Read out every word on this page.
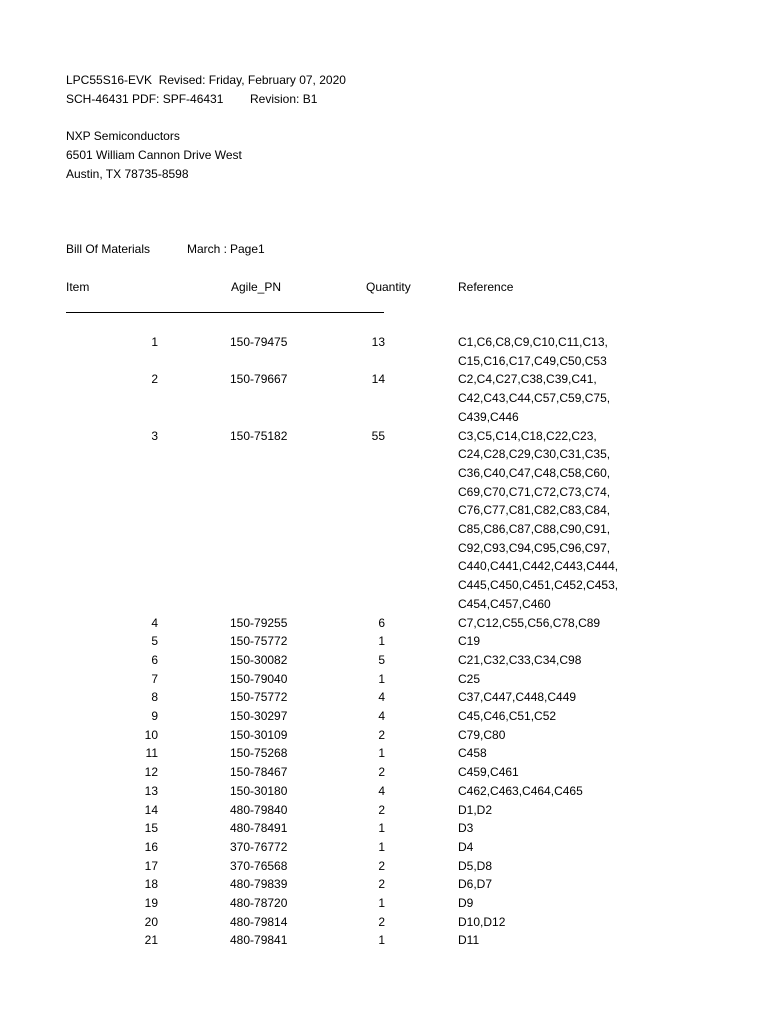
LPC55S16-EVK  Revised: Friday, February 07, 2020
SCH-46431 PDF: SPF-46431 Revision: B1
NXP Semiconductors
6501 William Cannon Drive West
Austin, TX 78735-8598
Bill Of Materials	March : Page1
Item	Agile_PN	Quantity	Reference
1	150-79475	13	C1,C6,C8,C9,C10,C11,C13,
C15,C16,C17,C49,C50,C53
2	150-79667	14	C2,C4,C27,C38,C39,C41,
C42,C43,C44,C57,C59,C75,
C439,C446
3	150-75182	55	C3,C5,C14,C18,C22,C23,
C24,C28,C29,C30,C31,C35,
C36,C40,C47,C48,C58,C60,
C69,C70,C71,C72,C73,C74,
C76,C77,C81,C82,C83,C84,
C85,C86,C87,C88,C90,C91,
C92,C93,C94,C95,C96,C97,
C440,C441,C442,C443,C444,
C445,C450,C451,C452,C453,
C454,C457,C460
4	150-79255	6	C7,C12,C55,C56,C78,C89
5	150-75772	1	C19
6	150-30082	5	C21,C32,C33,C34,C98
7	150-79040	1	C25
8	150-75772	4	C37,C447,C448,C449
9	150-30297	4	C45,C46,C51,C52
10	150-30109	2	C79,C80
11	150-75268	1	C458
12	150-78467	2	C459,C461
13	150-30180	4	C462,C463,C464,C465
14	480-79840	2	D1,D2
15	480-78491	1	D3
16	370-76772	1	D4
17	370-76568	2	D5,D8
18	480-79839	2	D6,D7
19	480-78720	1	D9
20	480-79814	2	D10,D12
21	480-79841	1	D11
